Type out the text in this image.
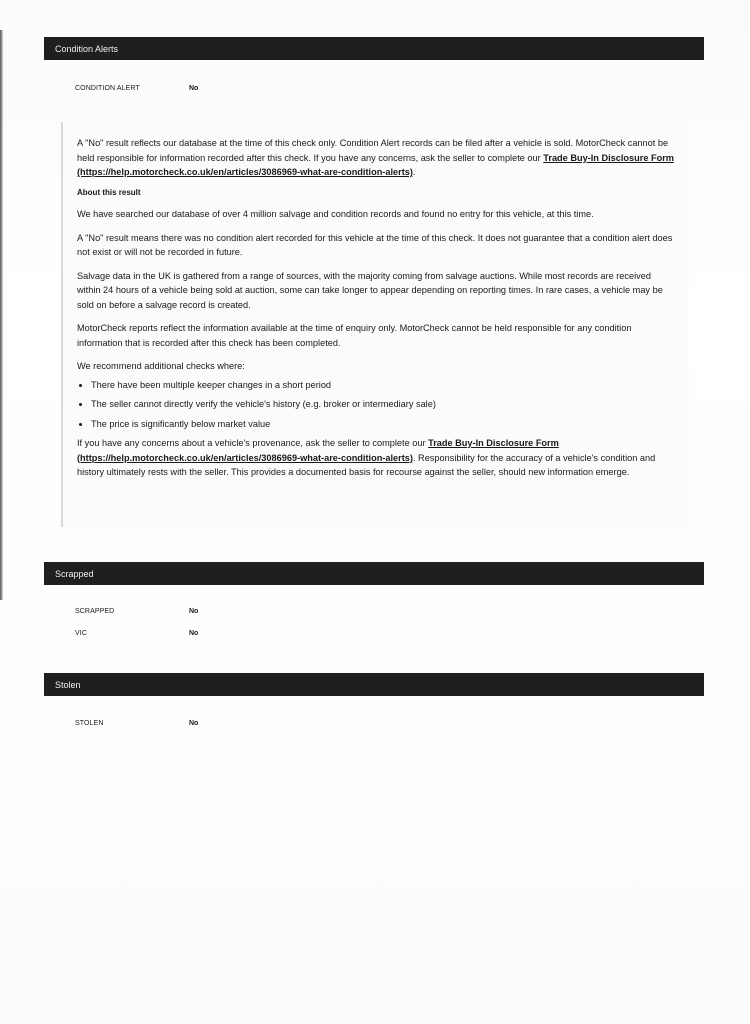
Condition Alerts
CONDITION ALERT	No

A "No" result reflects our database at the time of this check only. Condition Alert records can be filed after a vehicle is sold. MotorCheck cannot be held responsible for information recorded after this check. If you have any concerns, ask the seller to complete our Trade Buy-In Disclosure Form (https://help.motorcheck.co.uk/en/articles/3086969-what-are-condition-alerts).

About this result

We have searched our database of over 4 million salvage and condition records and found no entry for this vehicle, at this time.

A "No" result means there was no condition alert recorded for this vehicle at the time of this check. It does not guarantee that a condition alert does not exist or will not be recorded in future.

Salvage data in the UK is gathered from a range of sources, with the majority coming from salvage auctions. While most records are received within 24 hours of a vehicle being sold at auction, some can take longer to appear depending on reporting times. In rare cases, a vehicle may be sold on before a salvage record is created.

MotorCheck reports reflect the information available at the time of enquiry only. MotorCheck cannot be held responsible for any condition information that is recorded after this check has been completed.

We recommend additional checks where:

• There have been multiple keeper changes in a short period
• The seller cannot directly verify the vehicle's history (e.g. broker or intermediary sale)
• The price is significantly below market value

If you have any concerns about a vehicle's provenance, ask the seller to complete our Trade Buy-In Disclosure Form (https://help.motorcheck.co.uk/en/articles/3086969-what-are-condition-alerts). Responsibility for the accuracy of a vehicle's condition and history ultimately rests with the seller. This provides a documented basis for recourse against the seller, should new information emerge.

Scrapped
SCRAPPED	No
VIC	No
Stolen
STOLEN	No
